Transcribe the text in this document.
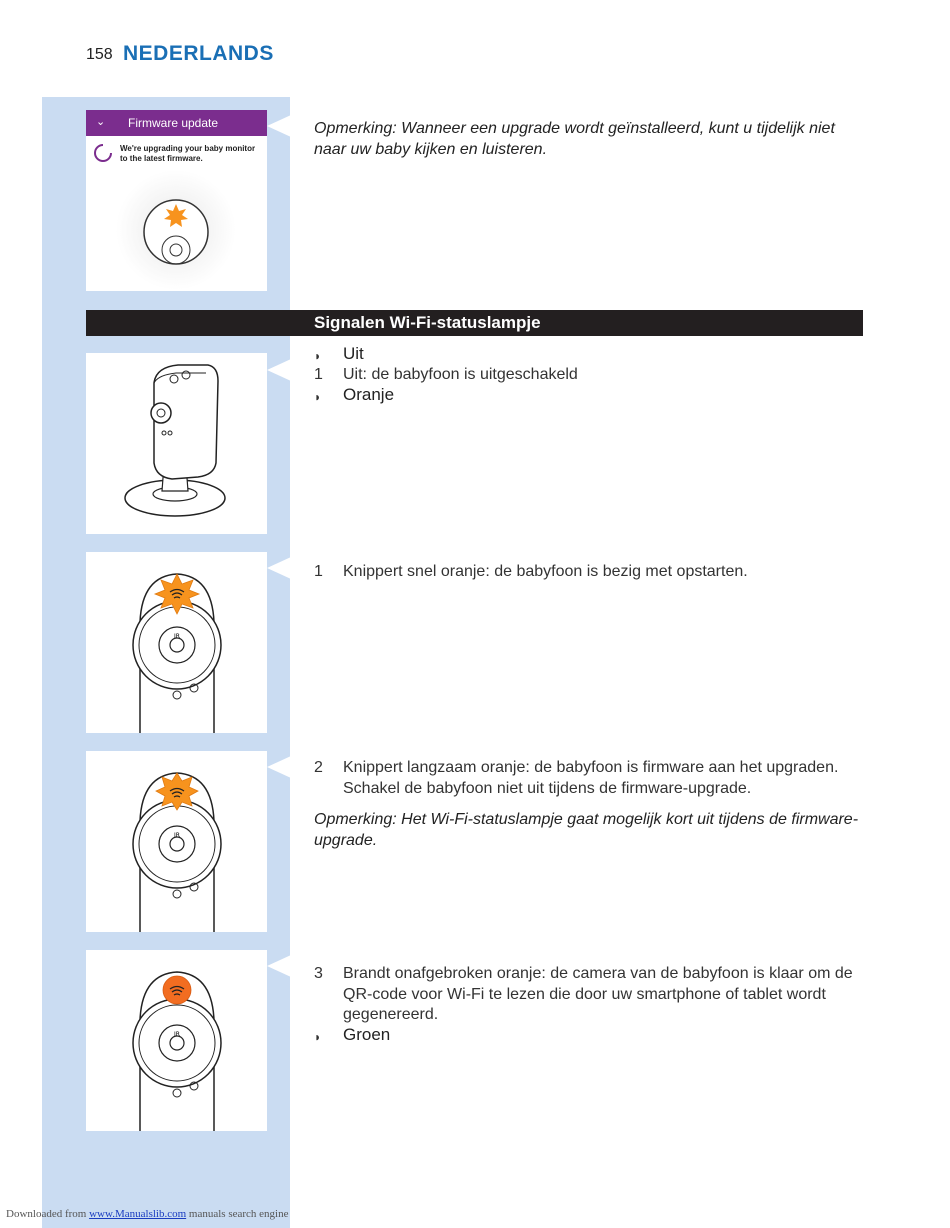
158 NEDERLANDS
⌄ Firmware update
We're upgrading your baby monitor to the latest firmware.
Opmerking: Wanneer een upgrade wordt geïnstalleerd, kunt u tijdelijk niet naar uw baby kijken en luisteren.
Signalen Wi-Fi-statuslampje
◗	Uit
1	Uit: de babyfoon is uitgeschakeld
◗	Oranje
IR
1	Knippert snel oranje: de babyfoon is bezig met opstarten.
IR
2	Knippert langzaam oranje: de babyfoon is firmware aan het upgraden. Schakel de babyfoon niet uit tijdens de firmware-upgrade.
Opmerking: Het Wi-Fi-statuslampje gaat mogelijk kort uit tijdens de firmware-upgrade.
IR
3	Brandt onafgebroken oranje: de camera van de babyfoon is klaar om de QR-code voor Wi-Fi te lezen die door uw smartphone of tablet wordt gegenereerd.
◗	Groen
Downloaded from www.Manualslib.com manuals search engine
